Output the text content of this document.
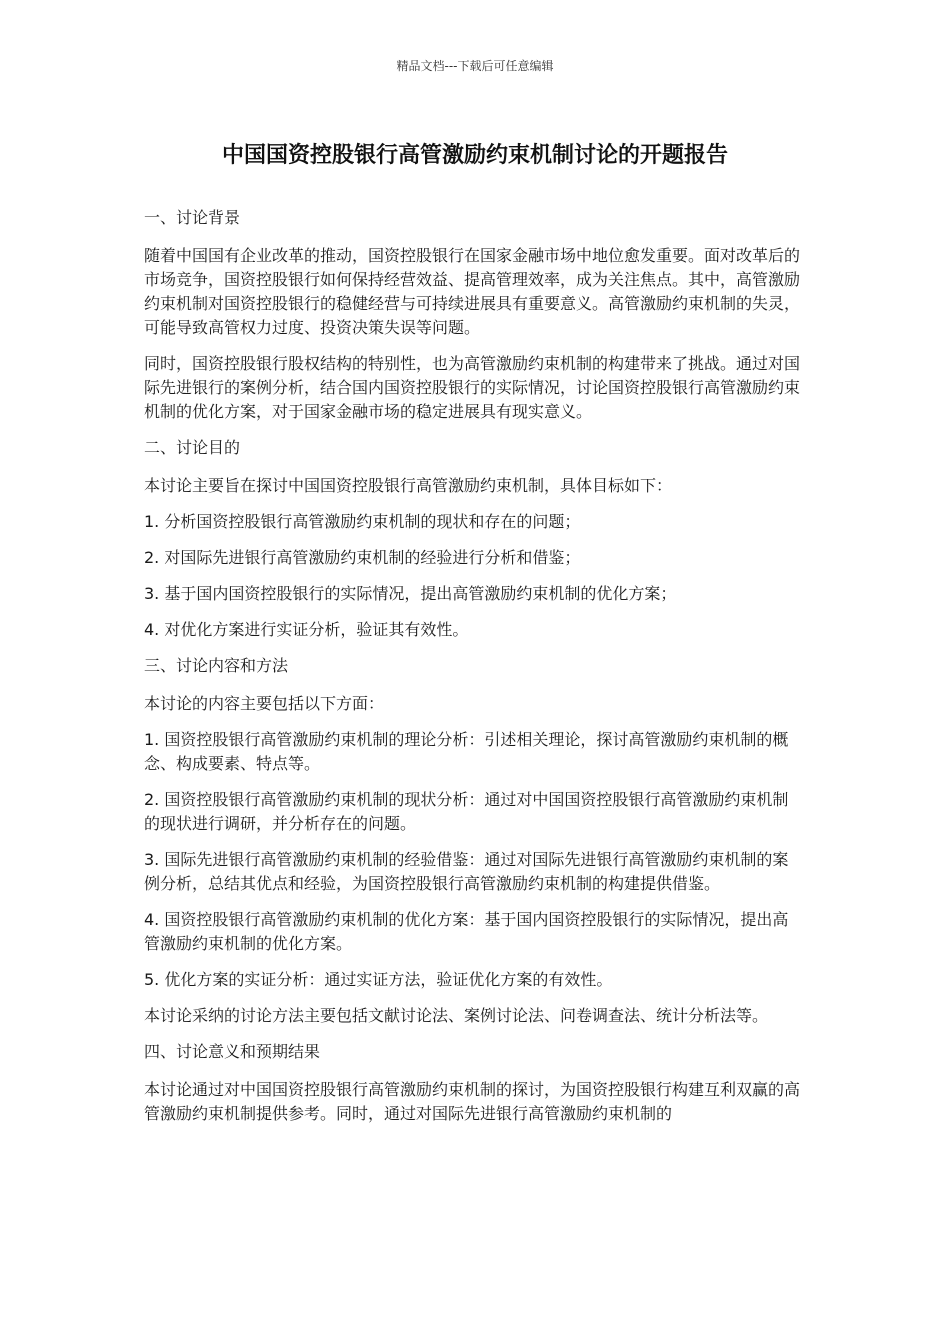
精品文档---下载后可任意编辑
中国国资控股银行高管激励约束机制讨论的开题报告

一、讨论背景

随着中国国有企业改革的推动，国资控股银行在国家金融市场中地位愈发重要。面对改革后的市场竞争，国资控股银行如何保持经营效益、提高管理效率，成为关注焦点。其中，高管激励约束机制对国资控股银行的稳健经营与可持续进展具有重要意义。高管激励约束机制的失灵，可能导致高管权力过度、投资决策失误等问题。

同时，国资控股银行股权结构的特别性，也为高管激励约束机制的构建带来了挑战。通过对国际先进银行的案例分析，结合国内国资控股银行的实际情况，讨论国资控股银行高管激励约束机制的优化方案，对于国家金融市场的稳定进展具有现实意义。

二、讨论目的

本讨论主要旨在探讨中国国资控股银行高管激励约束机制，具体目标如下：

1. 分析国资控股银行高管激励约束机制的现状和存在的问题；

2. 对国际先进银行高管激励约束机制的经验进行分析和借鉴；

3. 基于国内国资控股银行的实际情况，提出高管激励约束机制的优化方案；

4. 对优化方案进行实证分析，验证其有效性。

三、讨论内容和方法

本讨论的内容主要包括以下方面：

1. 国资控股银行高管激励约束机制的理论分析：引述相关理论，探讨高管激励约束机制的概念、构成要素、特点等。

2. 国资控股银行高管激励约束机制的现状分析：通过对中国国资控股银行高管激励约束机制的现状进行调研，并分析存在的问题。

3. 国际先进银行高管激励约束机制的经验借鉴：通过对国际先进银行高管激励约束机制的案例分析，总结其优点和经验，为国资控股银行高管激励约束机制的构建提供借鉴。

4. 国资控股银行高管激励约束机制的优化方案：基于国内国资控股银行的实际情况，提出高管激励约束机制的优化方案。

5. 优化方案的实证分析：通过实证方法，验证优化方案的有效性。

本讨论采纳的讨论方法主要包括文献讨论法、案例讨论法、问卷调查法、统计分析法等。

四、讨论意义和预期结果

本讨论通过对中国国资控股银行高管激励约束机制的探讨，为国资控股银行构建互利双赢的高管激励约束机制提供参考。同时，通过对国际先进银行高管激励约束机制的
